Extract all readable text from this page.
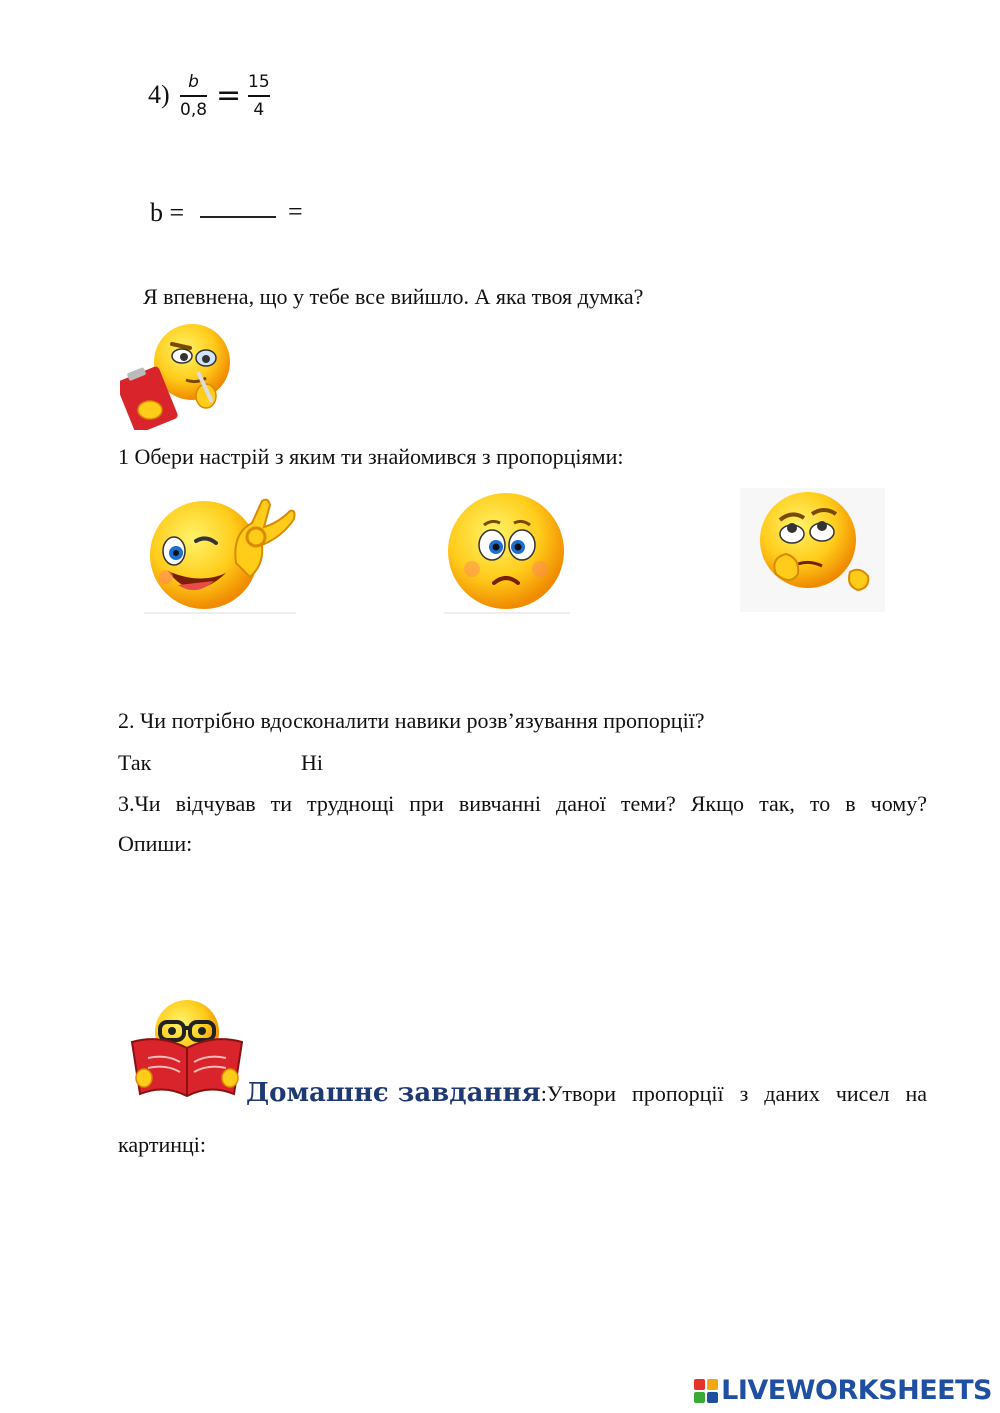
4) b
0,8 = 15
4
b =	=
Я впевнена, що у тебе все вийшло. А яка твоя думка?
1 Обери настрій з яким ти знайомився з пропорціями:
2. Чи потрібно вдосконалити навики розв’язування пропорції?
Так	Ні
3.Чи відчував ти труднощі при вивчанні даної теми? Якщо так, то в чому?
Опиши:
Домашнє завдання: Утвори пропорції з даних чисел на
картинці:
LIVEWORKSHEETS
